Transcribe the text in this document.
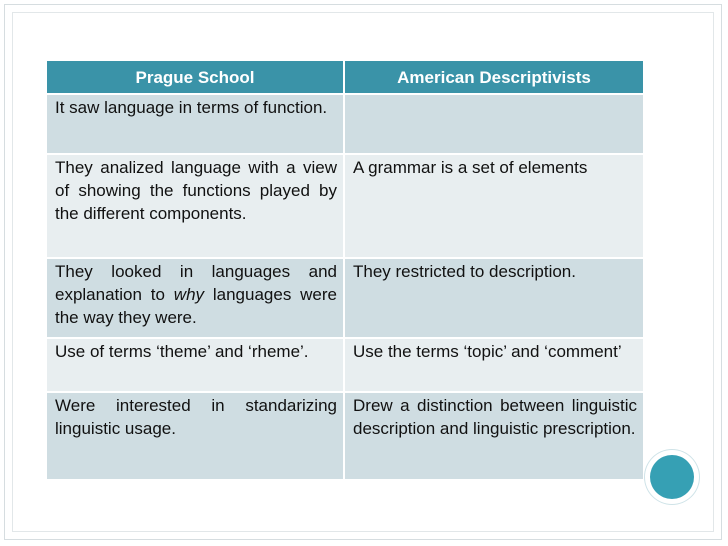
Prague School	American Descriptivists
It saw language in terms of function.	
They analized language with a view of showing the functions played by the different components.	A grammar is a set of elements
They looked in languages and explanation to why languages were the way they were.	They restricted to description.
Use of terms ‘theme’ and ‘rheme’.	Use the terms ‘topic’ and ‘comment’
Were interested in standarizing linguistic usage.	Drew a distinction between linguistic description and linguistic prescription.
